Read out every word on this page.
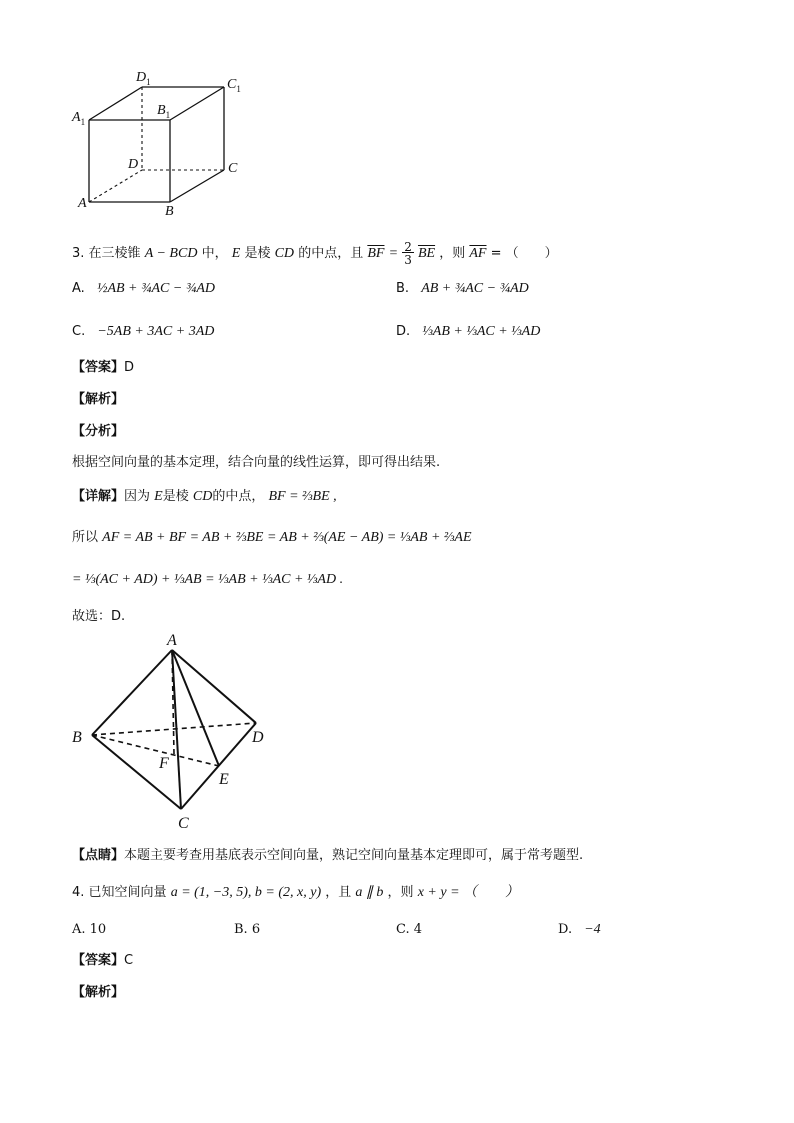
$D_1$	$C_1$
$A_1$
$B_1$
D	C
A
B
3. 在三棱锥 A − BCD 中， E 是棱 CD 的中点，且 $\overline{BF} = 2$
3 $\overline{BE}$ ，则 $\overline{AF}$ = （　　）
A. ½AB + ¾AC − ¾AD	B. AB + ¾AC − ¾AD
C. −5AB + 3AC + 3AD	D. ⅓AB + ⅓AC + ⅓AD
【答案】D
【解析】
【分析】
根据空间向量的基本定理，结合向量的线性运算，即可得出结果.
【详解】因为 E是棱 CD的中点， BF = ⅔BE ,
所以 AF = AB + BF = AB + ⅔BE = AB + ⅔(AE − AB) = ⅓AB + ⅔AE
= ⅓(AC + AD) + ⅓AB = ⅓AB + ⅓AC + ⅓AD .
故选：D.
A
B
C
D
E
F
【点睛】本题主要考查用基底表示空间向量，熟记空间向量基本定理即可，属于常考题型.
4. 已知空间向量 a = (1, −3, 5), b = (2, x, y) ，且 a ∥ b ，则 x + y = （　　）
A. 10	B. 6	C. 4	D. −4
【答案】C
【解析】
